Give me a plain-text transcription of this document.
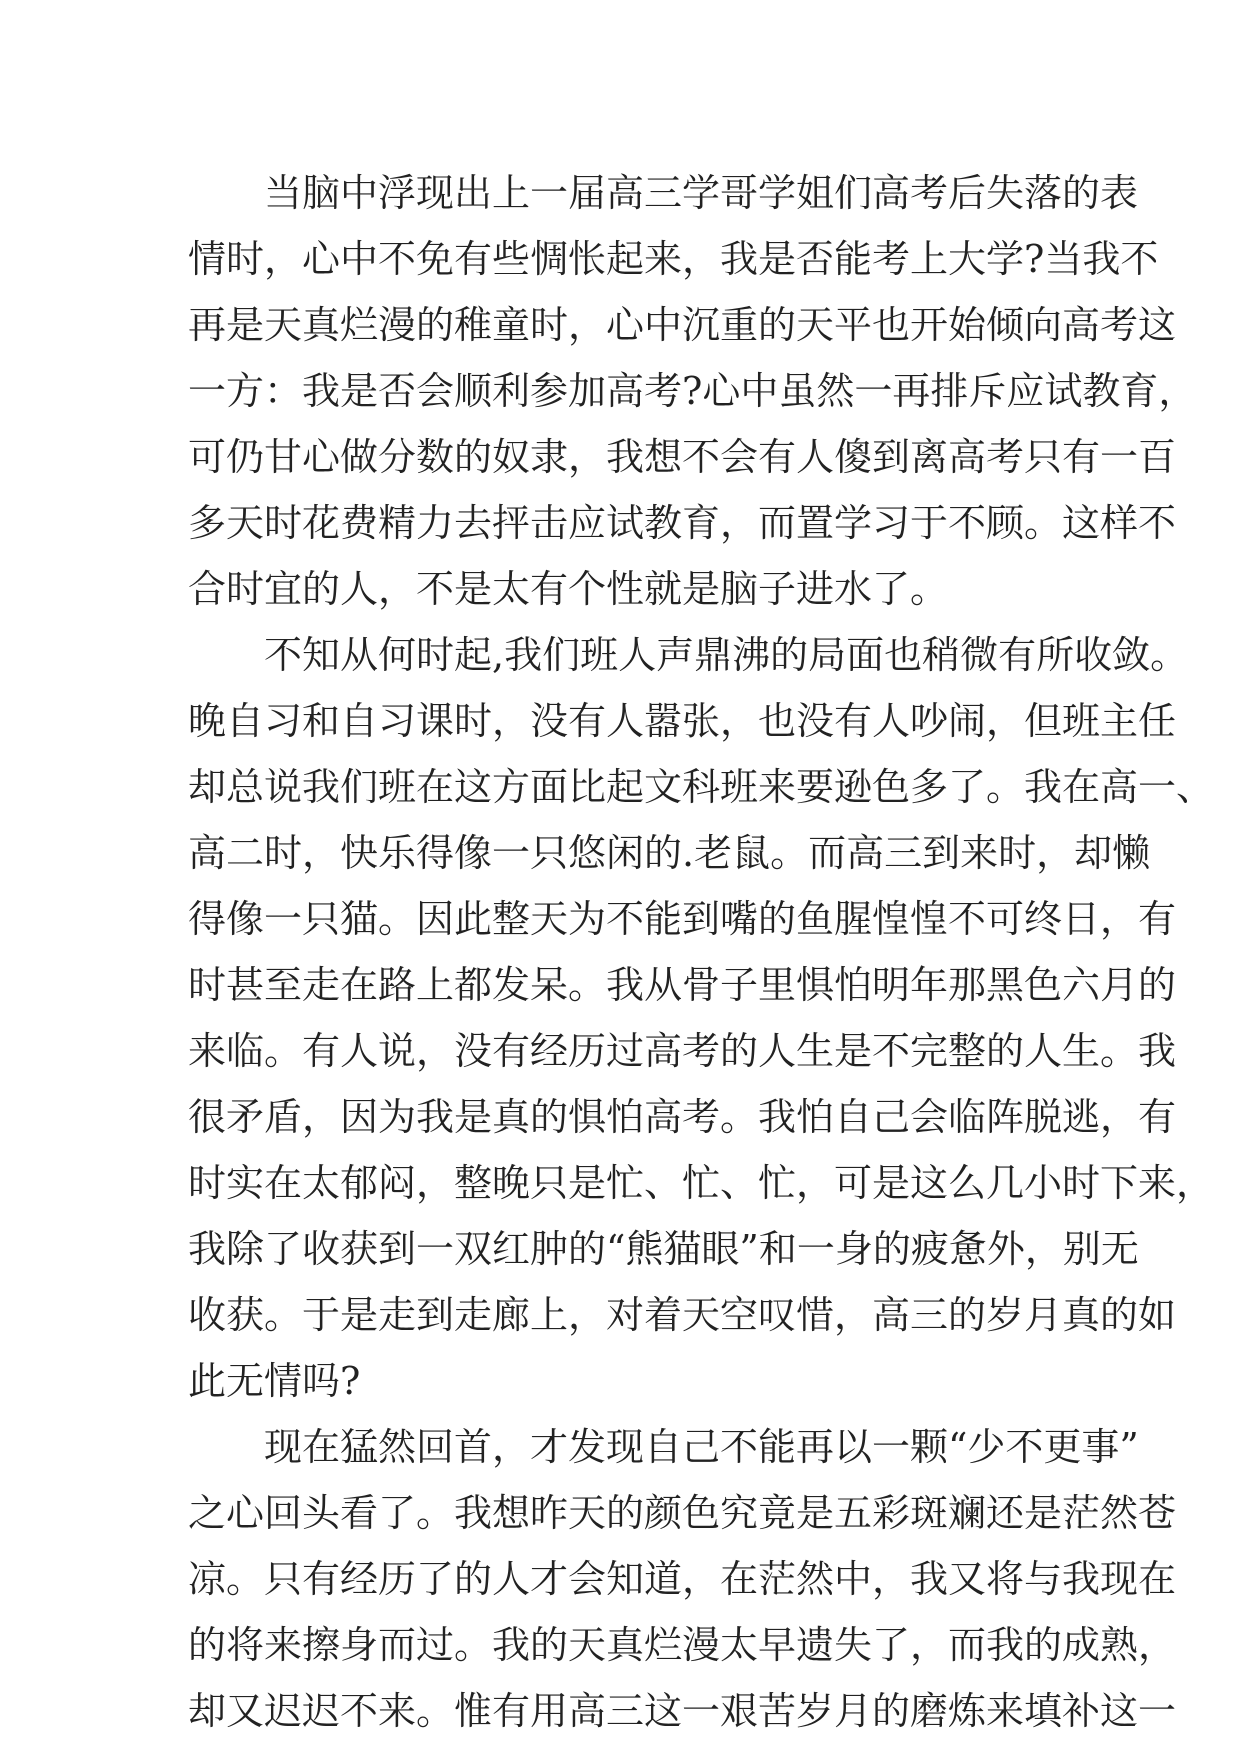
当脑中浮现出上一届高三学哥学姐们高考后失落的表
情时，心中不免有些惆怅起来，我是否能考上大学?当我不
再是天真烂漫的稚童时，心中沉重的天平也开始倾向高考这
一方：我是否会顺利参加高考?心中虽然一再排斥应试教育，
可仍甘心做分数的奴隶，我想不会有人傻到离高考只有一百
多天时花费精力去抨击应试教育，而置学习于不顾。这样不
合时宜的人，不是太有个性就是脑子进水了。
不知从何时起,我们班人声鼎沸的局面也稍微有所收敛。
晚自习和自习课时，没有人嚣张，也没有人吵闹，但班主任
却总说我们班在这方面比起文科班来要逊色多了。我在高一、
高二时，快乐得像一只悠闲的.老鼠。而高三到来时，却懒
得像一只猫。因此整天为不能到嘴的鱼腥惶惶不可终日，有
时甚至走在路上都发呆。我从骨子里惧怕明年那黑色六月的
来临。有人说，没有经历过高考的人生是不完整的人生。我
很矛盾，因为我是真的惧怕高考。我怕自己会临阵脱逃，有
时实在太郁闷，整晚只是忙、忙、忙，可是这么几小时下来，
我除了收获到一双红肿的“熊猫眼”和一身的疲惫外，别无
收获。于是走到走廊上，对着天空叹惜，高三的岁月真的如
此无情吗?
现在猛然回首，才发现自己不能再以一颗“少不更事”
之心回头看了。我想昨天的颜色究竟是五彩斑斓还是茫然苍
凉。只有经历了的人才会知道，在茫然中，我又将与我现在
的将来擦身而过。我的天真烂漫太早遗失了，而我的成熟，
却又迟迟不来。惟有用高三这一艰苦岁月的磨炼来填补这一
